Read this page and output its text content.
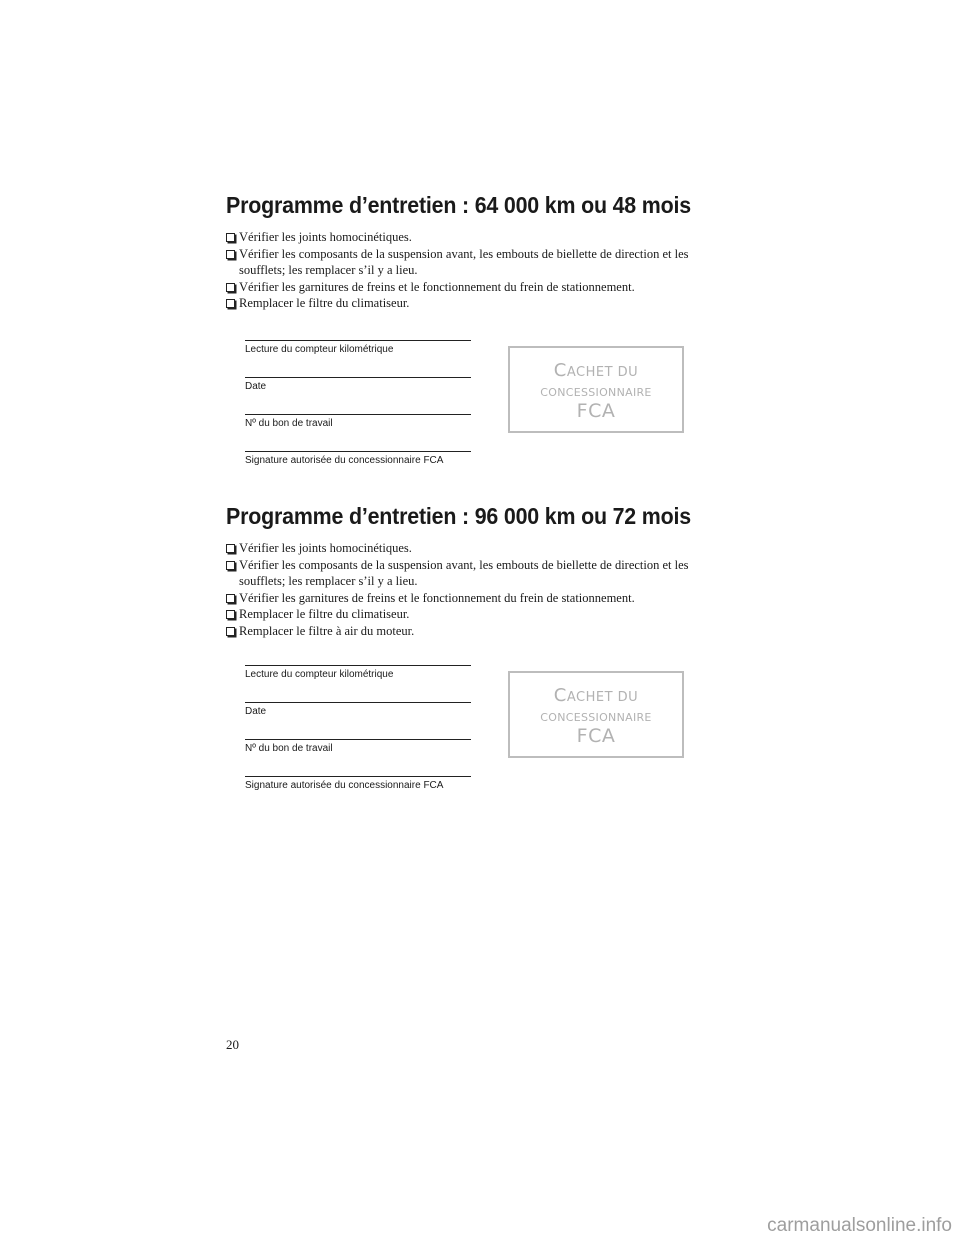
Programme d’entretien : 64 000 km ou 48 mois
Vérifier les joints homocinétiques.
Vérifier les composants de la suspension avant, les embouts de biellette de direction et les soufflets; les remplacer s’il y a lieu.
Vérifier les garnitures de freins et le fonctionnement du frein de stationnement.
Remplacer le filtre du climatiseur.
Lecture du compteur kilométrique
Date
Nº du bon de travail
Signature autorisée du concessionnaire FCA
CACHET DU
CONCESSIONNAIRE
FCA
Programme d’entretien : 96 000 km ou 72 mois
Vérifier les joints homocinétiques.
Vérifier les composants de la suspension avant, les embouts de biellette de direction et les soufflets; les remplacer s’il y a lieu.
Vérifier les garnitures de freins et le fonctionnement du frein de stationnement.
Remplacer le filtre du climatiseur.
Remplacer le filtre à air du moteur.
Lecture du compteur kilométrique
Date
Nº du bon de travail
Signature autorisée du concessionnaire FCA
CACHET DU
CONCESSIONNAIRE
FCA
20
carmanualsonline.info
